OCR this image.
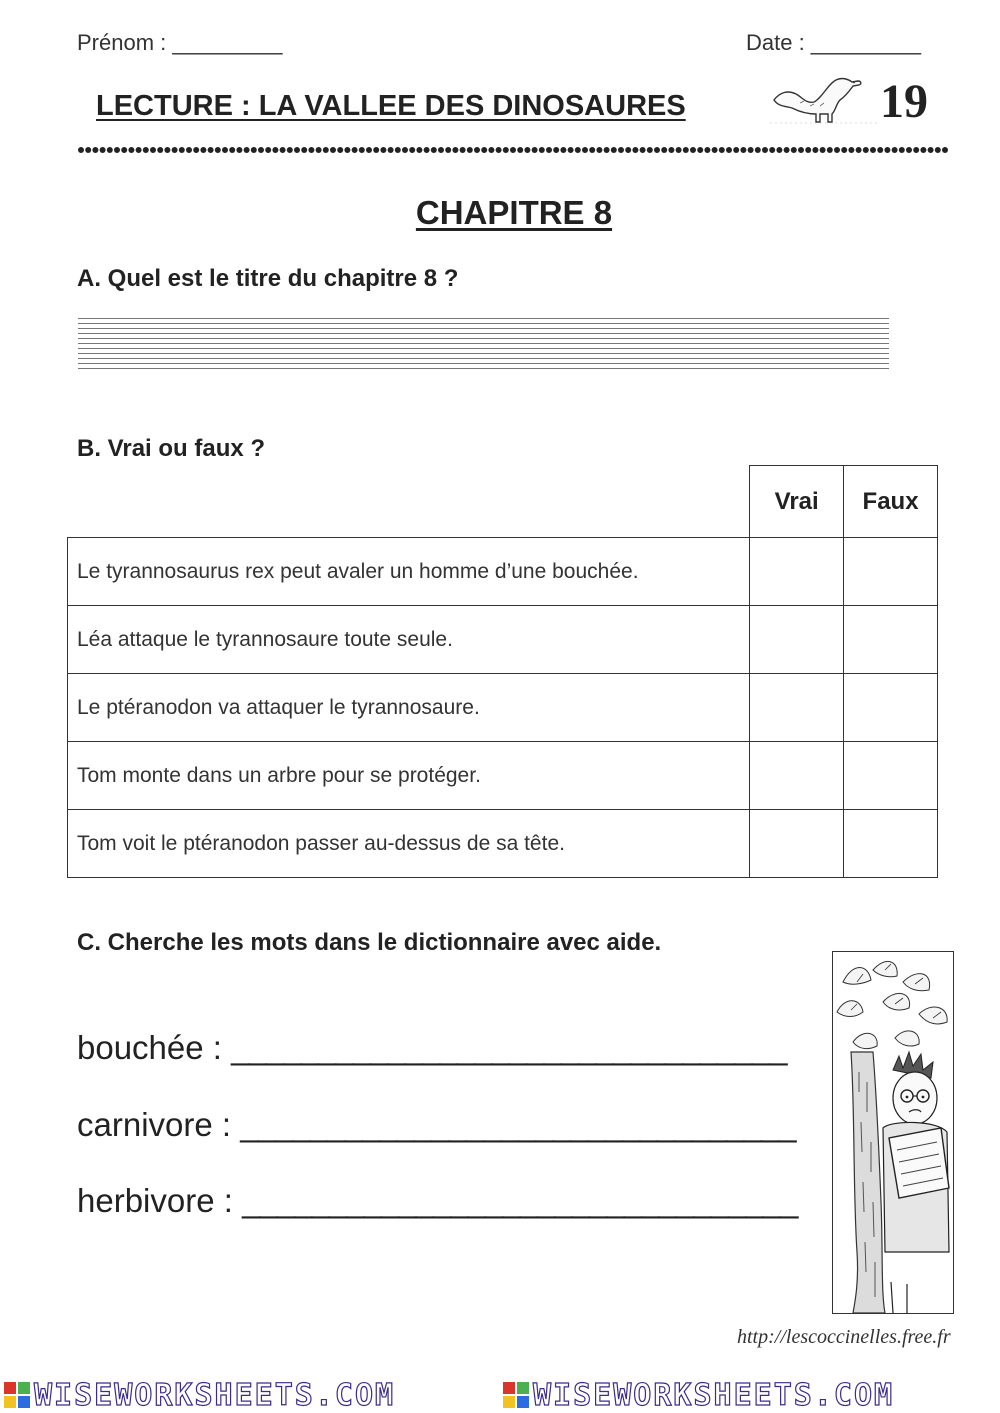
Prénom : _________	Date : _________
LECTURE : LA VALLEE DES DINOSAURES	19
CHAPITRE 8
A. Quel est le titre du chapitre 8 ?
B. Vrai ou faux ?
	Vrai	Faux
Le tyrannosaurus rex peut avaler un homme d’une bouchée.		
Léa attaque le tyrannosaure toute seule.		
Le ptéranodon va attaquer le tyrannosaure.		
Tom monte dans un arbre pour se protéger.		
Tom voit le ptéranodon passer au-dessus de sa tête.		
C. Cherche les mots dans le dictionnaire avec aide.
bouchée : ________________________________
carnivore : ________________________________
herbivore : ________________________________
http://lescoccinelles.free.fr
WISEWORKSHEETS.COM	WISEWORKSHEETS.COM
